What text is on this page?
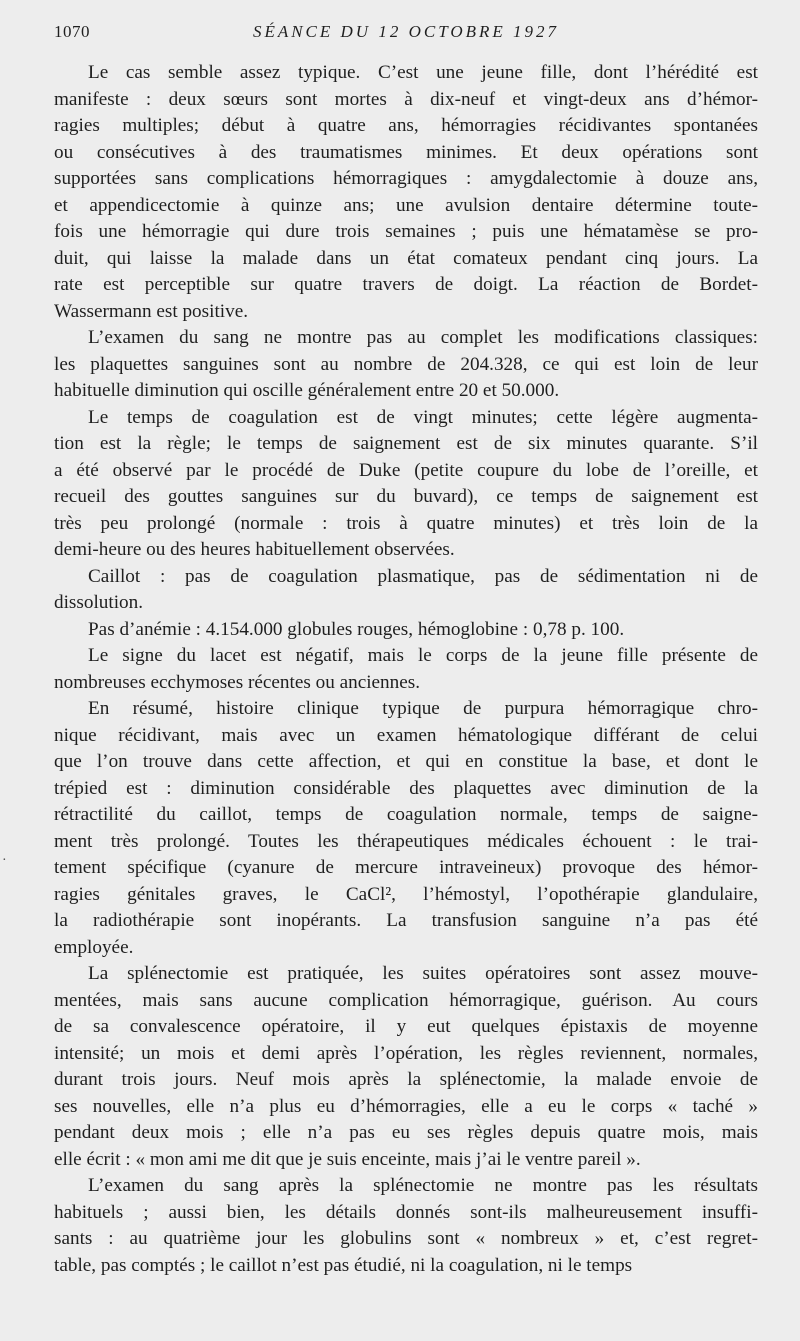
1070	SÉANCE DU 12 OCTOBRE 1927
·
Le cas semble assez typique. C’est une jeune fille, dont l’hérédité est
manifeste : deux sœurs sont mortes à dix-neuf et vingt-deux ans d’hémor-
ragies multiples; début à quatre ans, hémorragies récidivantes spontanées
ou consécutives à des traumatismes minimes. Et deux opérations sont
supportées sans complications hémorragiques : amygdalectomie à douze ans,
et appendicectomie à quinze ans; une avulsion dentaire détermine toute-
fois une hémorragie qui dure trois semaines ; puis une hématamèse se pro-
duit, qui laisse la malade dans un état comateux pendant cinq jours. La
rate est perceptible sur quatre travers de doigt. La réaction de Bordet-
Wassermann est positive.
L’examen du sang ne montre pas au complet les modifications classiques:
les plaquettes sanguines sont au nombre de 204.328, ce qui est loin de leur
habituelle diminution qui oscille généralement entre 20 et 50.000.
Le temps de coagulation est de vingt minutes; cette légère augmenta-
tion est la règle; le temps de saignement est de six minutes quarante. S’il
a été observé par le procédé de Duke (petite coupure du lobe de l’oreille, et
recueil des gouttes sanguines sur du buvard), ce temps de saignement est
très peu prolongé (normale : trois à quatre minutes) et très loin de la
demi-heure ou des heures habituellement observées.
Caillot : pas de coagulation plasmatique, pas de sédimentation ni de
dissolution.
Pas d’anémie : 4.154.000 globules rouges, hémoglobine : 0,78 p. 100.
Le signe du lacet est négatif, mais le corps de la jeune fille présente de
nombreuses ecchymoses récentes ou anciennes.
En résumé, histoire clinique typique de purpura hémorragique chro-
nique récidivant, mais avec un examen hématologique différant de celui
que l’on trouve dans cette affection, et qui en constitue la base, et dont le
trépied est : diminution considérable des plaquettes avec diminution de la
rétractilité du caillot, temps de coagulation normale, temps de saigne-
ment très prolongé. Toutes les thérapeutiques médicales échouent : le trai-
tement spécifique (cyanure de mercure intraveineux) provoque des hémor-
ragies génitales graves, le CaCl², l’hémostyl, l’opothérapie glandulaire,
la radiothérapie sont inopérants. La transfusion sanguine n’a pas été
employée.
La splénectomie est pratiquée, les suites opératoires sont assez mouve-
mentées, mais sans aucune complication hémorragique, guérison. Au cours
de sa convalescence opératoire, il y eut quelques épistaxis de moyenne
intensité; un mois et demi après l’opération, les règles reviennent, normales,
durant trois jours. Neuf mois après la splénectomie, la malade envoie de
ses nouvelles, elle n’a plus eu d’hémorragies, elle a eu le corps « taché »
pendant deux mois ; elle n’a pas eu ses règles depuis quatre mois, mais
elle écrit : « mon ami me dit que je suis enceinte, mais j’ai le ventre pareil ».
L’examen du sang après la splénectomie ne montre pas les résultats
habituels ; aussi bien, les détails donnés sont-ils malheureusement insuffi-
sants : au quatrième jour les globulins sont « nombreux » et, c’est regret-
table, pas comptés ; le caillot n’est pas étudié, ni la coagulation, ni le temps
